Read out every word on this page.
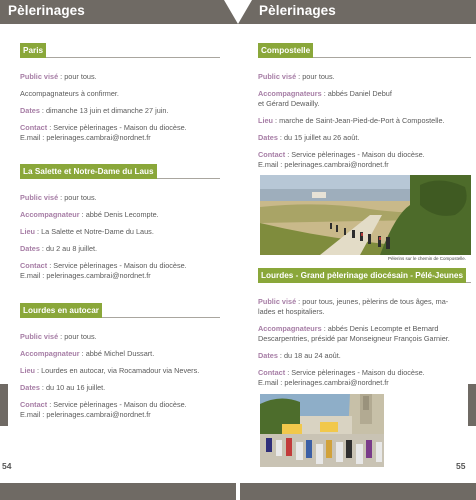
Pèlerinages	Pèlerinages
Paris

Public visé : pour tous.

Accompagnateurs à confirmer.

Dates : dimanche 13 juin et dimanche 27 juin.

Contact : Service pèlerinages - Maison du diocèse.
E.mail : pelerinages.cambrai@nordnet.fr

La Salette et Notre-Dame du Laus

Public visé : pour tous.

Accompagnateur : abbé Denis Lecompte.

Lieu : La Salette et Notre-Dame du Laus.

Dates : du 2 au 8 juillet.

Contact : Service pèlerinages - Maison du diocèse.
E.mail : pelerinages.cambrai@nordnet.fr

Lourdes en autocar

Public visé : pour tous.

Accompagnateur : abbé Michel Dussart.

Lieu : Lourdes en autocar, via Rocamadour via Nevers.

Dates : du 10 au 16 juillet.

Contact : Service pèlerinages - Maison du diocèse.
E.mail : pelerinages.cambrai@nordnet.fr

Compostelle

Public visé : pour tous.

Accompagnateurs : abbés Daniel Debuf
et Gérard Dewailly.

Lieu : marche de Saint-Jean-Pied-de-Port à Compostelle.

Dates : du 15 juillet au 26 août.

Contact : Service pèlerinages - Maison du diocèse.
E.mail : pelerinages.cambrai@nordnet.fr

Pèlerins sur le chemin de Compostelle.
Lourdes - Grand pèlerinage diocésain - Pélé-Jeunes

Public visé : pour tous, jeunes, pèlerins de tous âges, ma-
lades et hospitaliers.

Accompagnateurs : abbés Denis Lecompte et Bernard
Descarpentries, présidé par Monseigneur François Garnier.

Dates : du 18 au 24 août.

Contact : Service pèlerinages - Maison du diocèse.
E.mail : pelerinages.cambrai@nordnet.fr

54	55
